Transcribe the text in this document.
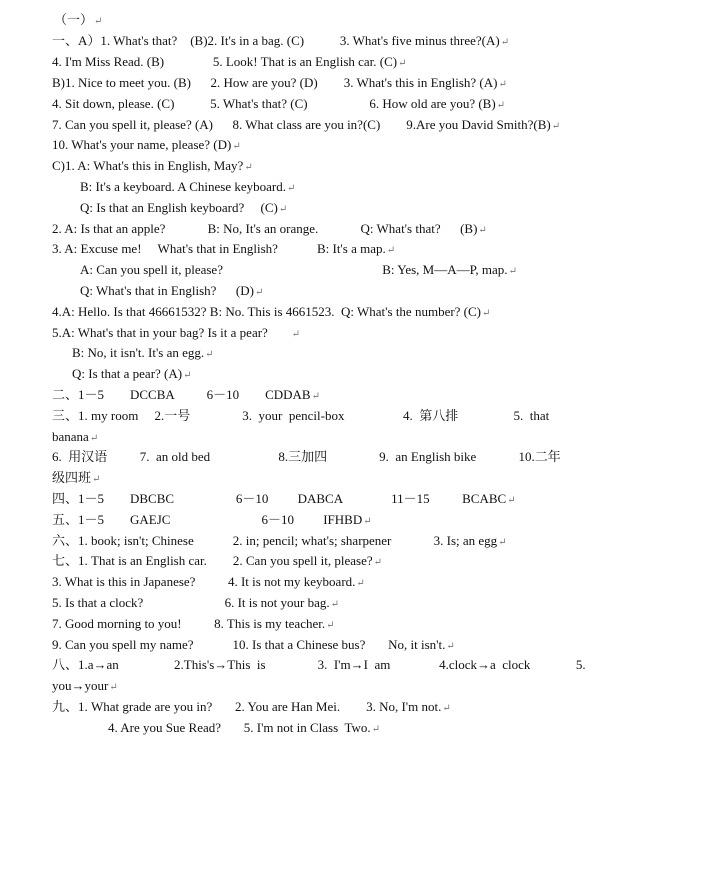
（一）↵
一、A）1. What's that?    (B)2. It's in a bag. (C)           3. What's five minus three?(A)↵
4. I'm Miss Read. (B)               5. Look! That is an English car. (C)↵
B)1. Nice to meet you. (B)      2. How are you? (D)        3. What's this in English? (A)↵
4. Sit down, please. (C)           5. What's that? (C)                   6. How old are you? (B)↵
7. Can you spell it, please? (A)      8. What class are you in?(C)        9.Are you David Smith?(B)↵
10. What's your name, please? (D)↵
C)1. A: What's this in English, May?↵
B: It's a keyboard. A Chinese keyboard.↵
Q: Is that an English keyboard?     (C)↵
2. A: Is that an apple?             B: No, It's an orange.             Q: What's that?      (B)↵
3. A: Excuse me!     What's that in English?            B: It's a map.↵
A: Can you spell it, please?                                                 B: Yes, M—A—P, map.↵
Q: What's that in English?      (D)↵
4.A: Hello. Is that 46661532? B: No. This is 4661523.  Q: What's the number? (C)↵
5.A: What's that in your bag? Is it a pear?       ↵
B: No, it isn't. It's an egg.↵
Q: Is that a pear? (A)↵
二、1－5        DCCBA          6－10        CDDAB↵
三、1. my room     2.一号                3.  your  pencil-box                  4.  第八排                 5.  that
banana↵
6.  用汉语          7.  an old bed                     8.三加四                9.  an English bike             10.二年
级四班↵
四、1－5        DBCBC                   6－10         DABCA               11－15          BCABC↵
五、1－5        GAEJC                            6－10         IFHBD↵
六、1. book; isn't; Chinese            2. in; pencil; what's; sharpener             3. Is; an egg↵
七、1. That is an English car.        2. Can you spell it, please?↵
3. What is this in Japanese?          4. It is not my keyboard.↵
5. Is that a clock?                         6. It is not your bag.↵
7. Good morning to you!          8. This is my teacher.↵
9. Can you spell my name?            10. Is that a Chinese bus?       No, it isn't.↵
八、1.a→an                 2.This's→This  is                3.  I'm→I  am               4.clock→a  clock              5.
you→your↵
九、1. What grade are you in?       2. You are Han Mei.        3. No, I'm not.↵
4. Are you Sue Read?       5. I'm not in Class  Two.↵
